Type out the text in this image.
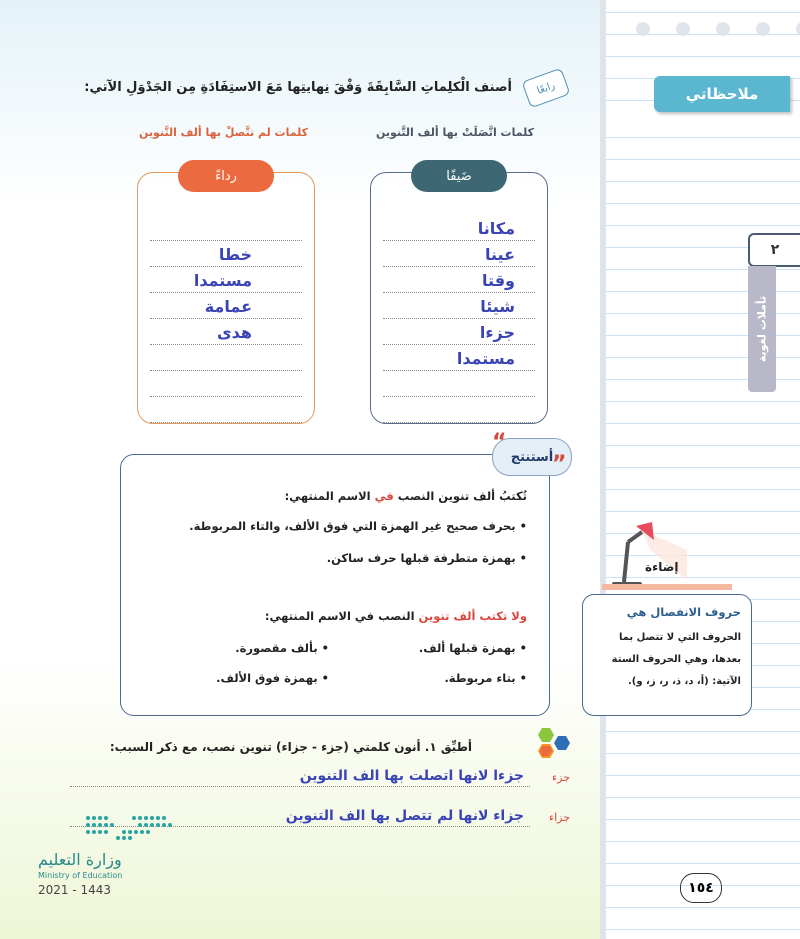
رابعًا
أصنف الْكلِماتِ السَّابِقَةَ وَفْقَ نِهايتِها مَعَ الاستِفَادَةِ مِن الجَدْوَلِ الآتي:
كلمات اتَّصَلَتْ بها ألف التَّنوين
ضَيفًا
مكانا
عينا
وقتا
شيئا
جزءا
مستمدا
كلمات لم تتَّصلْ بها ألف التَّنوين
رداءً
خطا
مستمدا
عمامة
هدى
تُكتبُ ألف تنوين النصب في الاسم المنتهي:
• بحرف صحيح غير الهمزة التي فوق الألف، والتاء المربوطة.
• بهمزة متطرفة قبلها حرف ساكن.
ولا تكتب ألف تنوين النصب في الاسم المنتهي:
• بهمزة قبلها ألف.
• بألف مقصورة.
• بتاء مربوطة.
• بهمزة فوق الألف.
أستنتج
“
”
أطبِّق ١. أنون كلمتي (جزء - جزاء) تنوين نصب، مع ذكر السبب:
جزء
جزءا لانها اتصلت بها الف التنوين
جزاء
جزاء لانها لم تتصل بها الف التنوين
وزارة التعليم
Ministry of Education
2021 - 1443
ملاحظاتي
٢
تأملات لغوية
إضاءة
حروف الانفصال هي
الحروف التي لا تتصل بما بعدها، وهي الحروف الستة الآتية: (أ، د، ذ، ر، ز، و).
١٥٤
